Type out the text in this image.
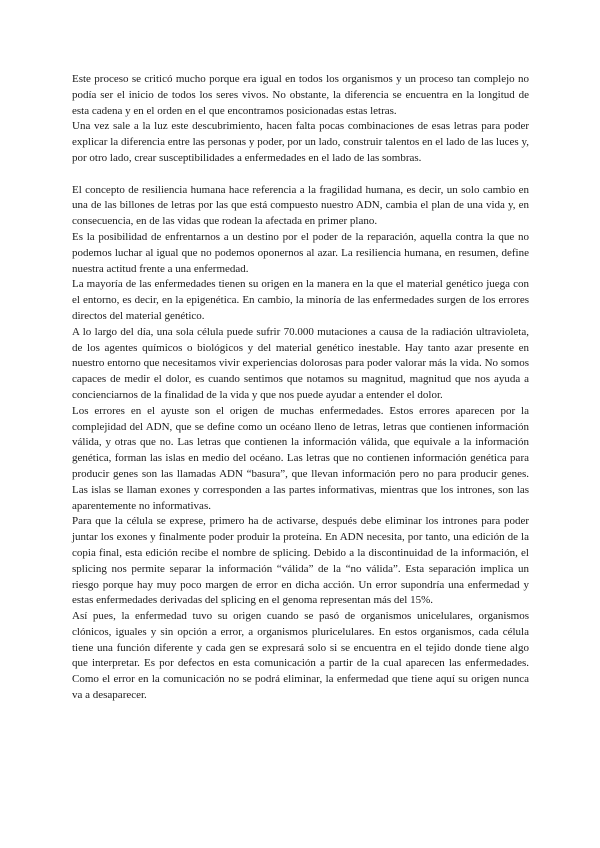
Este proceso se criticó mucho porque era igual en todos los organismos y un proceso tan complejo no podía ser el inicio de todos los seres vivos. No obstante, la diferencia se encuentra en la longitud de esta cadena y en el orden en el que encontramos posicionadas estas letras.

Una vez sale a la luz este descubrimiento, hacen falta pocas combinaciones de esas letras para poder explicar la diferencia entre las personas y poder, por un lado, construir talentos en el lado de las luces y, por otro lado, crear susceptibilidades a enfermedades en el lado de las sombras.

El concepto de resiliencia humana hace referencia a la fragilidad humana, es decir, un solo cambio en una de las billones de letras por las que está compuesto nuestro ADN, cambia el plan de una vida y, en consecuencia, en de las vidas que rodean la afectada en primer plano.

Es la posibilidad de enfrentarnos a un destino por el poder de la reparación, aquella contra la que no podemos luchar al igual que no podemos oponernos al azar. La resiliencia humana, en resumen, define nuestra actitud frente a una enfermedad.

La mayoría de las enfermedades tienen su origen en la manera en la que el material genético juega con el entorno, es decir, en la epigenética. En cambio, la minoría de las enfermedades surgen de los errores directos del material genético.

A lo largo del día, una sola célula puede sufrir 70.000 mutaciones a causa de la radiación ultravioleta, de los agentes químicos o biológicos y del material genético inestable. Hay tanto azar presente en nuestro entorno que necesitamos vivir experiencias dolorosas para poder valorar más la vida. No somos capaces de medir el dolor, es cuando sentimos que notamos su magnitud, magnitud que nos ayuda a concienciarnos de la finalidad de la vida y que nos puede ayudar a entender el dolor.

Los errores en el ayuste son el origen de muchas enfermedades. Estos errores aparecen por la complejidad del ADN, que se define como un océano lleno de letras, letras que contienen información válida, y otras que no. Las letras que contienen la información válida, que equivale a la información genética, forman las islas en medio del océano. Las letras que no contienen información genética para producir genes son las llamadas ADN “basura”, que llevan información pero no para producir genes. Las islas se llaman exones y corresponden a las partes informativas, mientras que los intrones, son las aparentemente no informativas.

Para que la célula se exprese, primero ha de activarse, después debe eliminar los intrones para poder juntar los exones y finalmente poder produir la proteína. En ADN necesita, por tanto, una edición de la copia final, esta edición recibe el nombre de splicing. Debido a la discontinuidad de la información, el splicing nos permite separar la información “válida” de la “no válida”. Esta separación implica un riesgo porque hay muy poco margen de error en dicha acción. Un error supondría una enfermedad y estas enfermedades derivadas del splicing en el genoma representan más del 15%.

Así pues, la enfermedad tuvo su origen cuando se pasó de organismos unicelulares, organismos clónicos, iguales y sin opción a error, a organismos pluricelulares. En estos organismos, cada célula tiene una función diferente y cada gen se expresará solo si se encuentra en el tejido donde tiene algo que interpretar. Es por defectos en esta comunicación a partir de la cual aparecen las enfermedades. Como el error en la comunicación no se podrá eliminar, la enfermedad que tiene aquí su origen nunca va a desaparecer.
